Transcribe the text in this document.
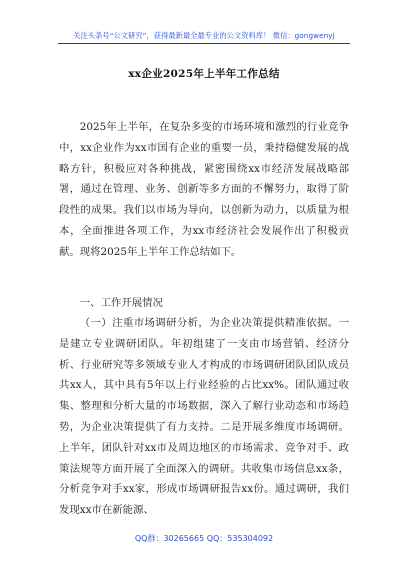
关注头条号“公文研究”，获得最新最全最专业的公文资料库！ 微信：gongwenyj
xx企业2025年上半年工作总结
2025年上半年，在复杂多变的市场环境和激烈的行业竞争中，xx企业作为xx市国有企业的重要一员，秉持稳健发展的战略方针，积极应对各种挑战，紧密围绕xx市经济发展战略部署，通过在管理、业务、创新等多方面的不懈努力，取得了阶段性的成果。我们以市场为导向，以创新为动力，以质量为根本，全面推进各项工作，为xx市经济社会发展作出了积极贡献。现将2025年上半年工作总结如下。
一、工作开展情况
（一）注重市场调研分析，为企业决策提供精准依据。一是建立专业调研团队。年初组建了一支由市场营销、经济分析、行业研究等多领域专业人才构成的市场调研团队团队成员共xx人，其中具有5年以上行业经验的占比xx%。团队通过收集、整理和分析大量的市场数据，深入了解行业动态和市场趋势，为企业决策提供了有力支持。二是开展多维度市场调研。上半年，团队针对xx市及周边地区的市场需求、竞争对手、政策法规等方面开展了全面深入的调研。共收集市场信息xx条，分析竞争对手xx家，形成市场调研报告xx份。通过调研，我们发现xx市在新能源、
QQ群：30265665 QQ：535304092
